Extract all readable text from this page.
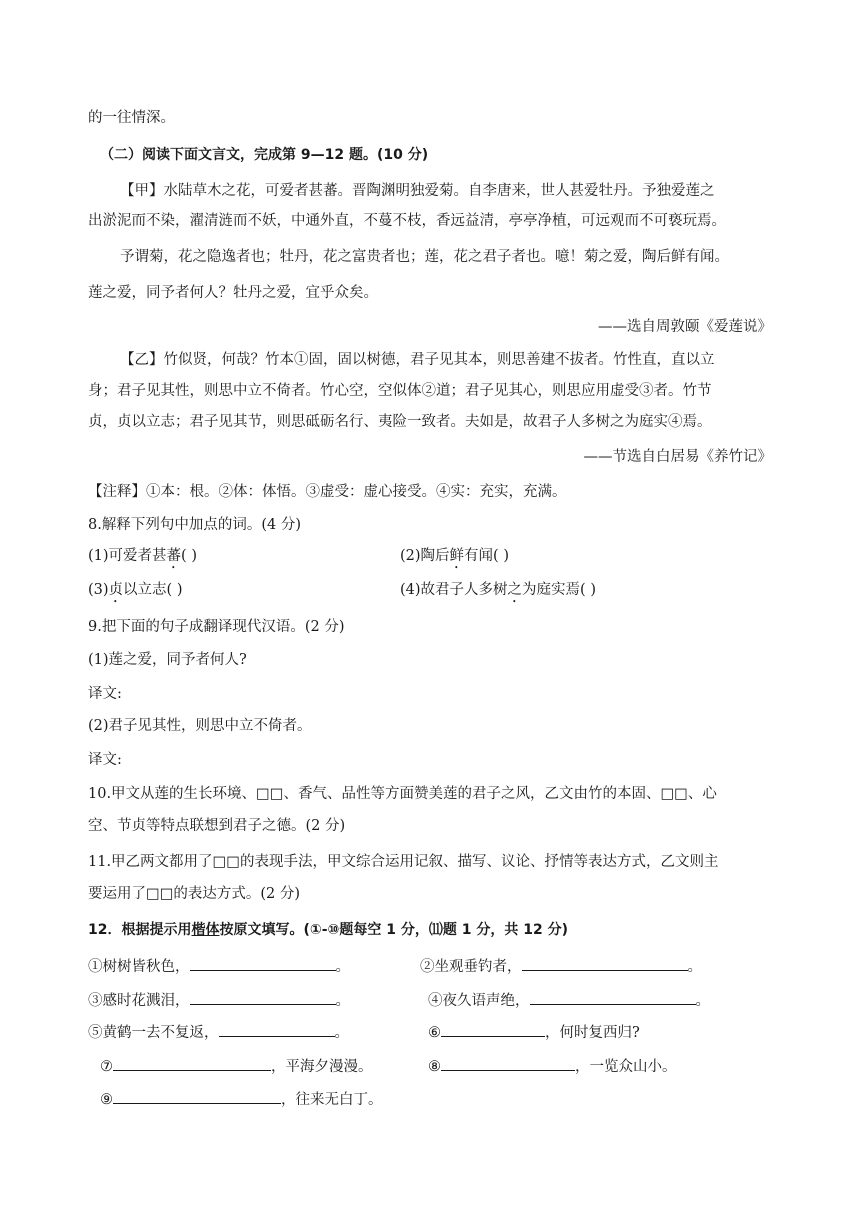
的一往情深。
（二）阅读下面文言文，完成第 9—12 题。(10 分)
【甲】水陆草木之花，可爱者甚蕃。晋陶渊明独爱菊。自李唐来，世人甚爱牡丹。予独爱莲之
出淤泥而不染，濯清涟而不妖，中通外直，不蔓不枝，香远益清，亭亭净植，可远观而不可亵玩焉。
予谓菊，花之隐逸者也；牡丹，花之富贵者也；莲，花之君子者也。噫！菊之爱，陶后鲜有闻。
莲之爱，同予者何人？牡丹之爱，宜乎众矣。
——选自周敦颐《爱莲说》
【乙】竹似贤，何哉？竹本①固，固以树德，君子见其本，则思善建不拔者。竹性直，直以立
身；君子见其性，则思中立不倚者。竹心空，空似体②道；君子见其心，则思应用虚受③者。竹节
贞，贞以立志；君子见其节，则思砥砺名行、夷险一致者。夫如是，故君子人多树之为庭实④焉。
——节选自白居易《养竹记》
【注释】①本：根。②体：体悟。③虚受：虚心接受。④实：充实，充满。
8.解释下列句中加点的词。(4 分)
(1)可爱者甚蕃( )	(2)陶后鲜有闻( )
(3)贞以立志( )	(4)故君子人多树之为庭实焉( )
9.把下面的句子成翻译现代汉语。(2 分)
(1)莲之爱，同予者何人?
译文:
(2)君子见其性，则思中立不倚者。
译文:
10.甲文从莲的生长环境、□□、香气、品性等方面赞美莲的君子之风，乙文由竹的本固、□□、心
空、节贞等特点联想到君子之德。(2 分)
11.甲乙两文都用了□□的表现手法，甲文综合运用记叙、描写、议论、抒情等表达方式，乙文则主
要运用了□□的表达方式。(2 分)
12．根据提示用楷体按原文填写。(①-⑩题每空 1 分，⑾题 1 分，共 12 分)
①树树皆秋色，	。	②坐观垂钓者，	。
③感时花溅泪，	。	④夜久语声绝，	。
⑤黄鹤一去不复返，	。	⑥	，何时复西归?
⑦	，平海夕漫漫。	⑧	，一览众山小。
⑨	，往来无白丁。
